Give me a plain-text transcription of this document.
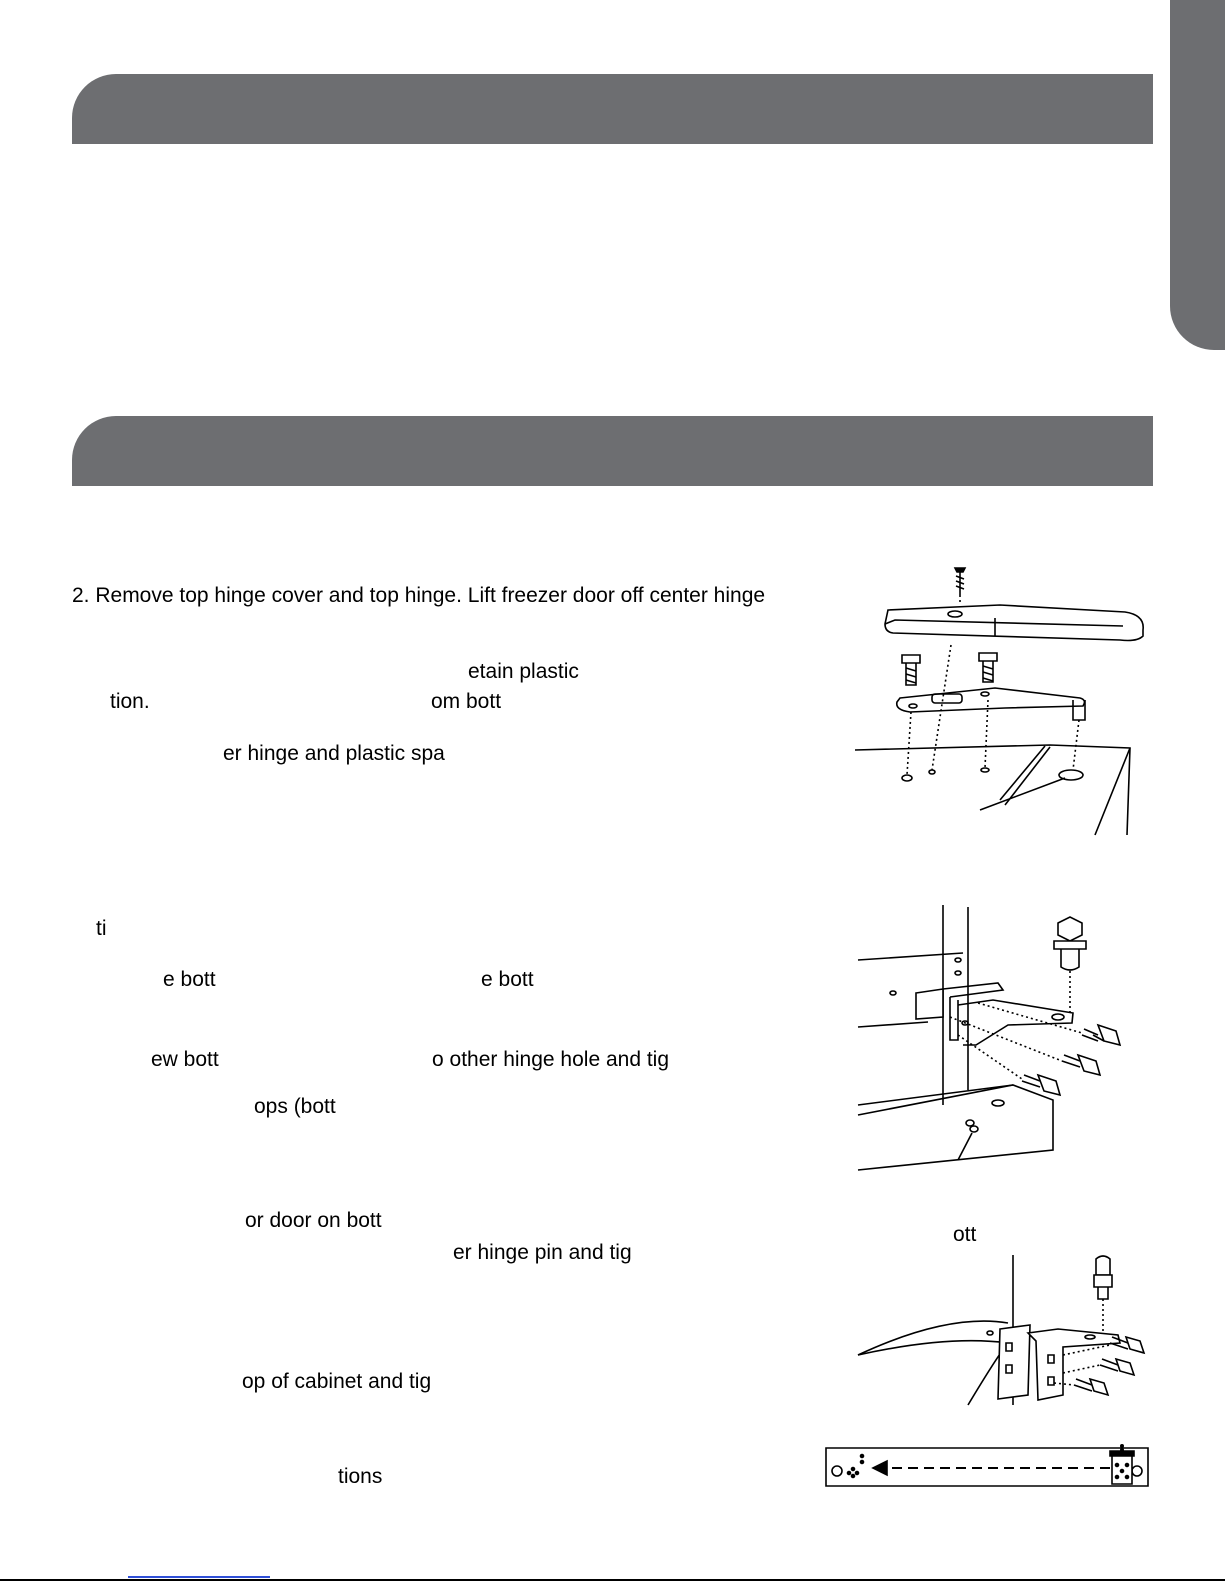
2. Remove top hinge cover and top hinge. Lift freezer door off center hinge
etain plastic
tion.	om bott
er hinge and plastic spa
ti
e bott	e bott
ew bott	o other hinge hole and tig
ops (bott
or door on bott
er hinge pin and tig
ott
op of cabinet and tig
tions
